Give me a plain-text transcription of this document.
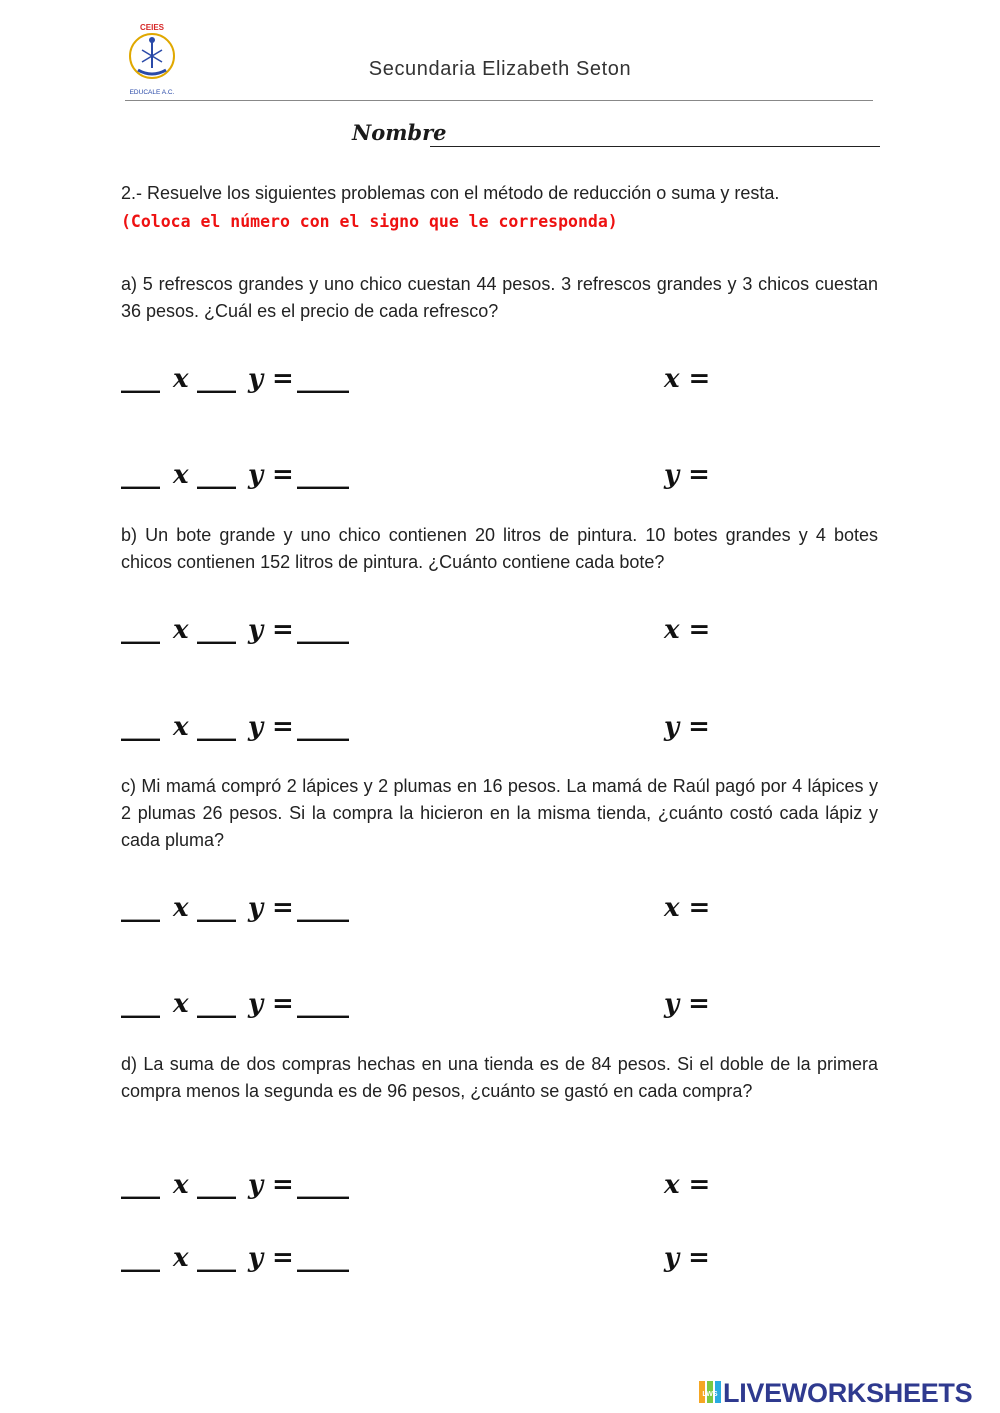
CEIES
EDUCALE A.C.
Secundaria Elizabeth Seton
Nombre
2.- Resuelve los siguientes problemas con el método de reducción o suma y resta.
(Coloca el número con el signo que le corresponda)
a) 5 refrescos grandes y uno chico cuestan 44 pesos. 3 refrescos grandes y 3 chicos cuestan 36 pesos. ¿Cuál es el precio de cada refresco?
___ x ___ y = ____	x =
___ x ___ y = ____	y =
b) Un bote grande y uno chico contienen 20 litros de pintura. 10 botes grandes y 4 botes chicos contienen 152 litros de pintura. ¿Cuánto contiene cada bote?
___ x ___ y = ____	x =
___ x ___ y = ____	y =
c) Mi mamá compró 2 lápices y 2 plumas en 16 pesos. La mamá de Raúl pagó por 4 lápices y 2 plumas 26 pesos. Si la compra la hicieron en la misma tienda, ¿cuánto costó cada lápiz y cada pluma?
___ x ___ y = ____	x =
___ x ___ y = ____	y =
d) La suma de dos compras hechas en una tienda es de 84 pesos. Si el doble de la primera compra menos la segunda es de 96 pesos, ¿cuánto se gastó en cada compra?
___ x ___ y = ____	x =
___ x ___ y = ____	y =
LWS LIVEWORKSHEETS
